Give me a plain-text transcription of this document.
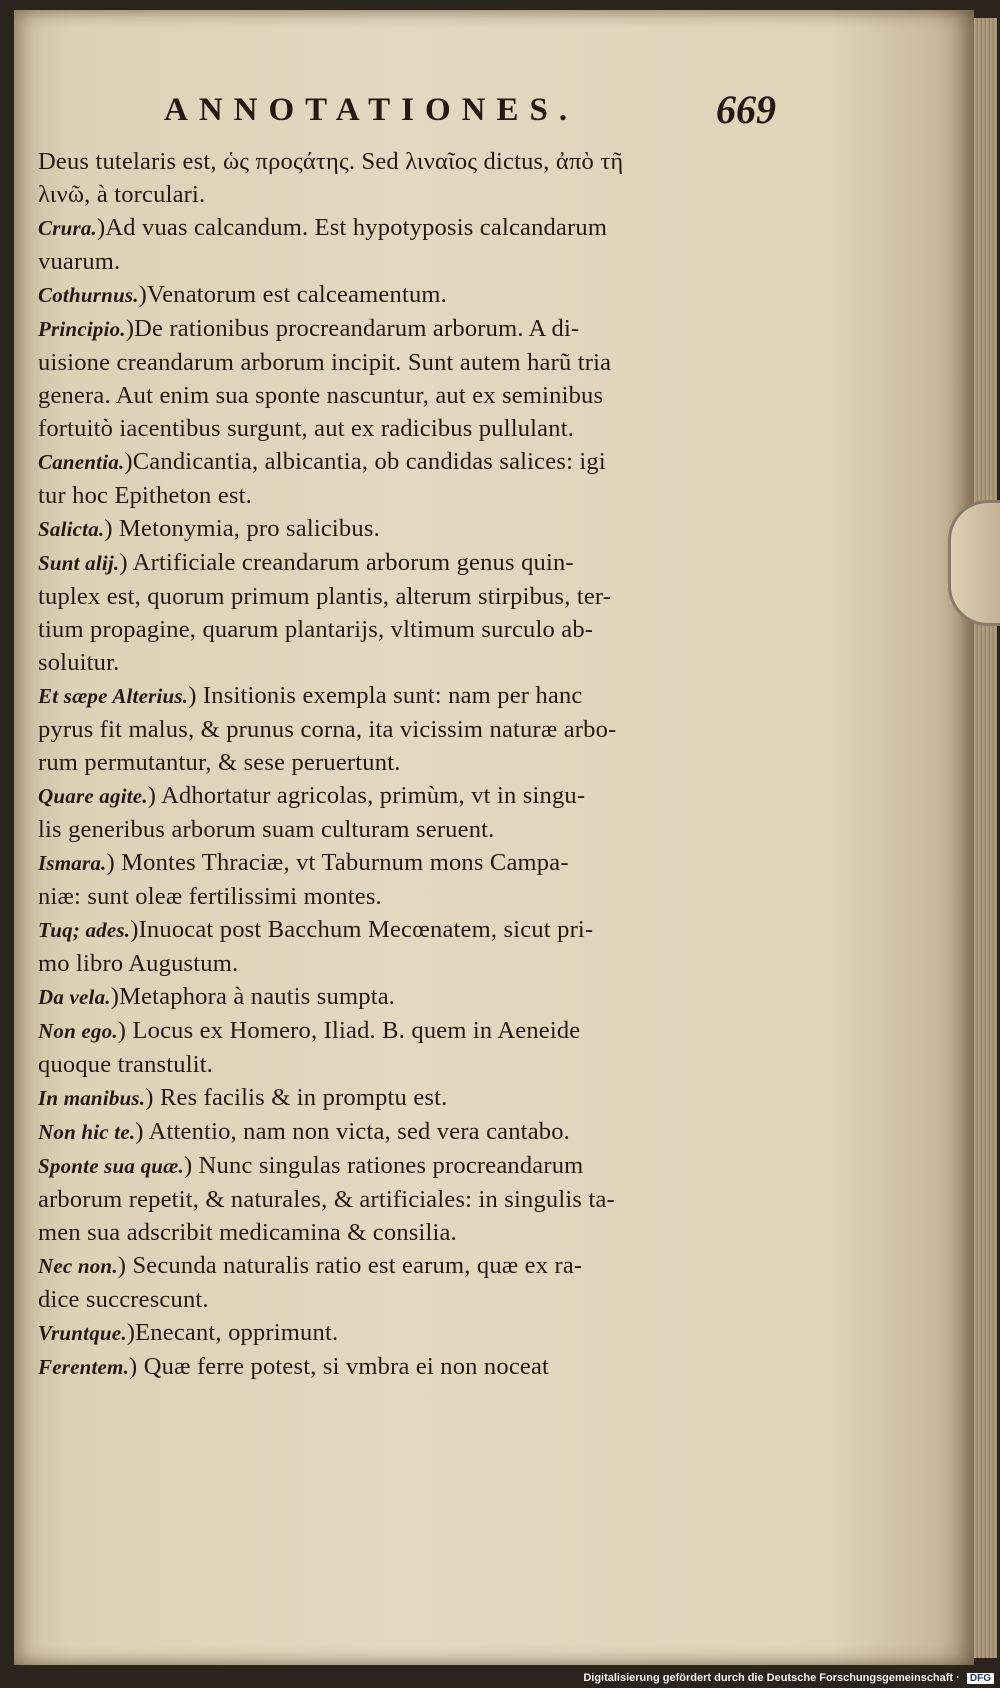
ANNOTATIONES.	669
Deus tutelaris est, ὡς προςάτης. Sed λιναῖος dictus, ἀπὸ τῆ
λινῶ, à torculari.
Crura.)Ad vuas calcandum. Est hypotyposis calcandarum
vuarum.
Cothurnus.)Venatorum est calceamentum.
Principio.)De rationibus procreandarum arborum. A di-
uisione creandarum arborum incipit. Sunt autem harũ tria
genera. Aut enim sua sponte nascuntur, aut ex seminibus
fortuitò iacentibus surgunt, aut ex radicibus pullulant.
Canentia.)Candicantia, albicantia, ob candidas salices: igi
tur hoc Epitheton est.
Salicta.) Metonymia, pro salicibus.
Sunt alij.) Artificiale creandarum arborum genus quin-
tuplex est, quorum primum plantis, alterum stirpibus, ter-
tium propagine, quarum plantarijs, vltimum surculo ab-
soluitur.
Et sæpe Alterius.) Insitionis exempla sunt: nam per hanc
pyrus fit malus, & prunus corna, ita vicissim naturæ arbo-
rum permutantur, & sese peruertunt.
Quare agite.) Adhortatur agricolas, primùm, vt in singu-
lis generibus arborum suam culturam seruent.
Ismara.) Montes Thraciæ, vt Taburnum mons Campa-
niæ: sunt oleæ fertilissimi montes.
Tuq; ades.)Inuocat post Bacchum Mecœnatem, sicut pri-
mo libro Augustum.
Da vela.)Metaphora à nautis sumpta.
Non ego.) Locus ex Homero, Iliad. B. quem in Aeneide
quoque transtulit.
In manibus.) Res facilis & in promptu est.
Non hic te.) Attentio, nam non victa, sed vera cantabo.
Sponte sua quæ.) Nunc singulas rationes procreandarum
arborum repetit, & naturales, & artificiales: in singulis ta-
men sua adscribit medicamina & consilia.
Nec non.) Secunda naturalis ratio est earum, quæ ex ra-
dice succrescunt.
Vruntque.)Enecant, opprimunt.
Ferentem.) Quæ ferre potest, si vmbra ei non noceat
Digitalisierung gefördert durch die Deutsche Forschungsgemeinschaft · DFG
